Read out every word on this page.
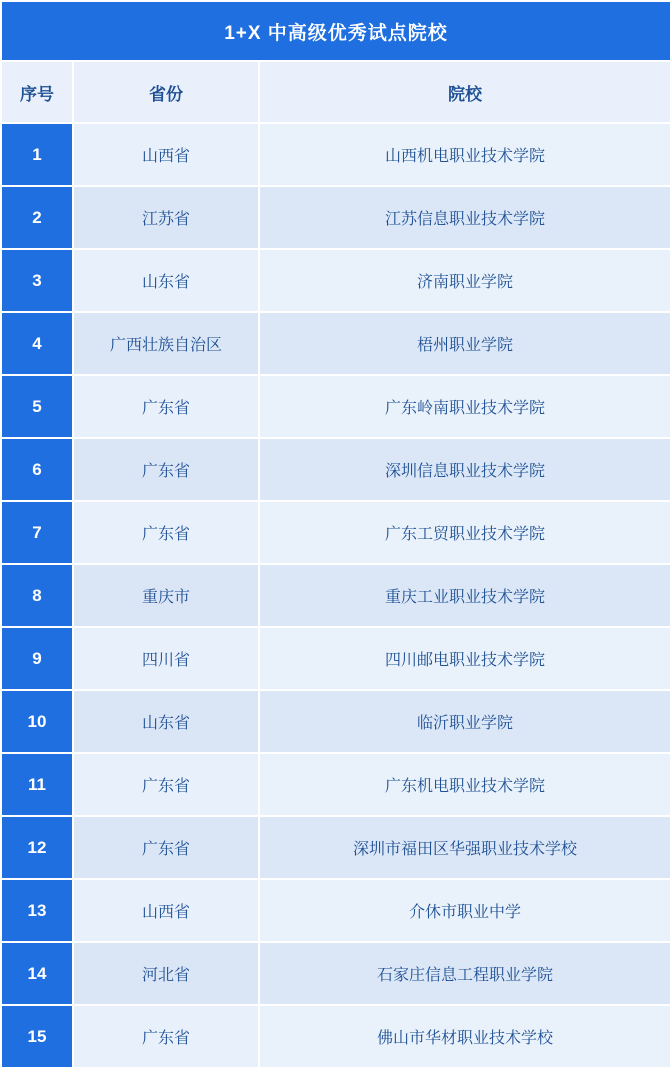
1+X 中高级优秀试点院校		
序号	省份	院校
1	山西省	山西机电职业技术学院
2	江苏省	江苏信息职业技术学院
3	山东省	济南职业学院
4	广西壮族自治区	梧州职业学院
5	广东省	广东岭南职业技术学院
6	广东省	深圳信息职业技术学院
7	广东省	广东工贸职业技术学院
8	重庆市	重庆工业职业技术学院
9	四川省	四川邮电职业技术学院
10	山东省	临沂职业学院
11	广东省	广东机电职业技术学院
12	广东省	深圳市福田区华强职业技术学校
13	山西省	介休市职业中学
14	河北省	石家庄信息工程职业学院
15	广东省	佛山市华材职业技术学校
